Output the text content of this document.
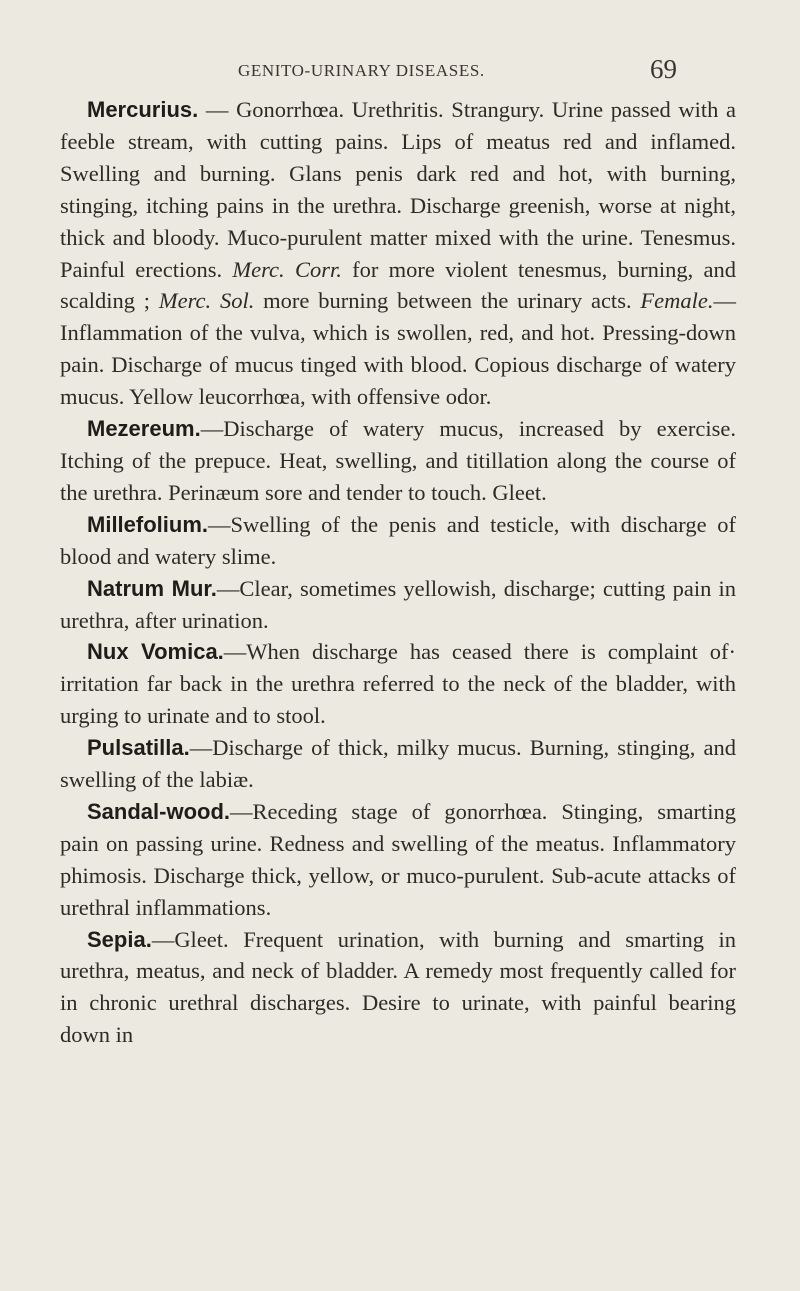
GENITO-URINARY DISEASES.	69

Mercurius. — Gonorrhœa. Urethritis. Strangury. Urine passed with a feeble stream, with cutting pains. Lips of meatus red and inflamed. Swelling and burning. Glans penis dark red and hot, with burning, stinging, itching pains in the urethra. Discharge greenish, worse at night, thick and bloody. Muco-purulent matter mixed with the urine. Tenesmus. Painful erections. Merc. Corr. for more violent tenesmus, burning, and scalding ; Merc. Sol. more burning between the urinary acts. Female.—Inflammation of the vulva, which is swollen, red, and hot. Pressing-down pain. Discharge of mucus tinged with blood. Copious discharge of watery mucus. Yellow leucorrhœa, with offensive odor.

Mezereum.—Discharge of watery mucus, increased by exercise. Itching of the prepuce. Heat, swelling, and titillation along the course of the urethra. Perinæum sore and tender to touch. Gleet.

Millefolium.—Swelling of the penis and testicle, with discharge of blood and watery slime.

Natrum Mur.—Clear, sometimes yellowish, discharge; cutting pain in urethra, after urination.

Nux Vomica.—When discharge has ceased there is complaint of· irritation far back in the urethra referred to the neck of the bladder, with urging to urinate and to stool.

Pulsatilla.—Discharge of thick, milky mucus. Burning, stinging, and swelling of the labiæ.

Sandal-wood.—Receding stage of gonorrhœa. Stinging, smarting pain on passing urine. Redness and swelling of the meatus. Inflammatory phimosis. Discharge thick, yellow, or muco-purulent. Sub-acute attacks of urethral inflammations.

Sepia.—Gleet. Frequent urination, with burning and smarting in urethra, meatus, and neck of bladder. A remedy most frequently called for in chronic urethral discharges. Desire to urinate, with painful bearing down in
